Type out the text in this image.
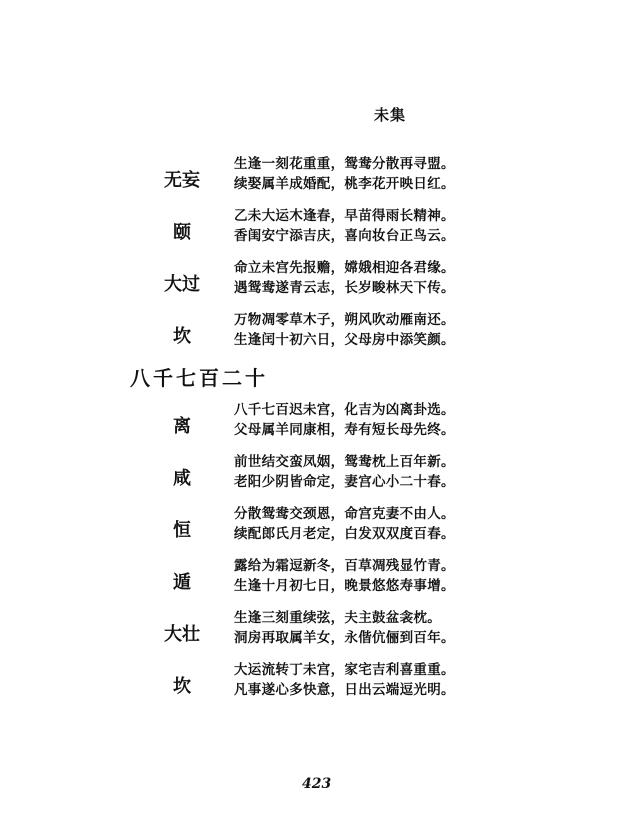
未集
无妄
生逢一刻花重重，鸳鸯分散再寻盟。
续娶属羊成婚配，桃李花开映日红。
颐
乙未大运木逢春，早苗得雨长精神。
香闺安宁添吉庆，喜向妆台正鸟云。
大过
命立未宫先报赡，嫦娥相迎各君缘。
遇鸳鸯遂青云志，长岁畯林天下传。
坎
万物凋零草木子，朔风吹动雁南还。
生逢闰十初六日，父母房中添笑颜。
八千七百二十
离
八千七百迟未宫，化吉为凶离卦选。
父母属羊同康相，寿有短长母先终。
咸
前世结交蛮凤姻，鸳鸯枕上百年新。
老阳少阴皆命定，妻宫心小二十春。
恒
分散鸳鸯交颈恩，命宫克妻不由人。
续配郎氏月老定，白发双双度百春。
遁
露给为霜逗新冬，百草凋残显竹青。
生逢十月初七日，晚景悠悠寿事增。
大壮
生逢三刻重续弦，夫主鼓盆衾枕。
洞房再取属羊女，永偕伉俪到百年。
坎
大运流转丁未宫，家宅吉利喜重重。
凡事遂心多快意，日出云端逗光明。
423
